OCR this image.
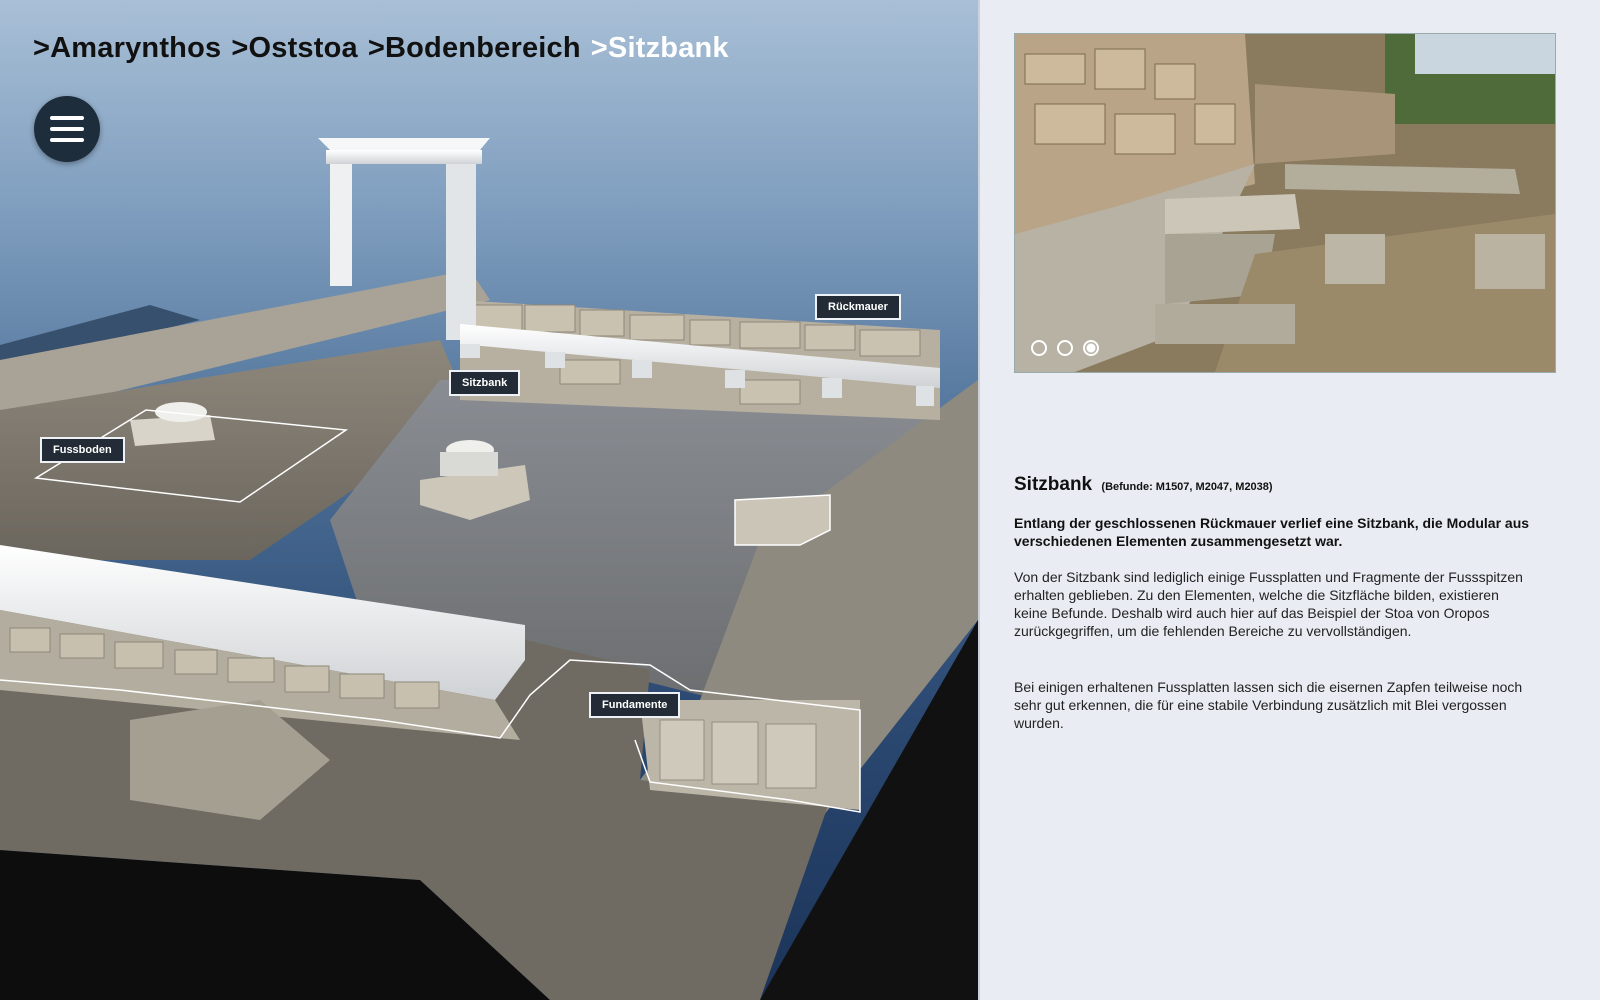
>Amarynthos >Oststoa >Bodenbereich >Sitzbank
Rückmauer
Sitzbank
Fussboden
Fundamente
Sitzbank (Befunde: M1507, M2047, M2038)

Entlang der geschlossenen Rückmauer verlief eine Sitzbank, die Modular aus verschiedenen Elementen zusammengesetzt war.

Von der Sitzbank sind lediglich einige Fussplatten und Fragmente der Fussspitzen erhalten geblieben. Zu den Elementen, welche die Sitzfläche bilden, existieren keine Befunde. Deshalb wird auch hier auf das Beispiel der Stoa von Oropos zurückgegriffen, um die fehlenden Bereiche zu vervollständigen.

Bei einigen erhaltenen Fussplatten lassen sich die eisernen Zapfen teilweise noch sehr gut erkennen, die für eine stabile Verbindung zusätzlich mit Blei vergossen wurden.
